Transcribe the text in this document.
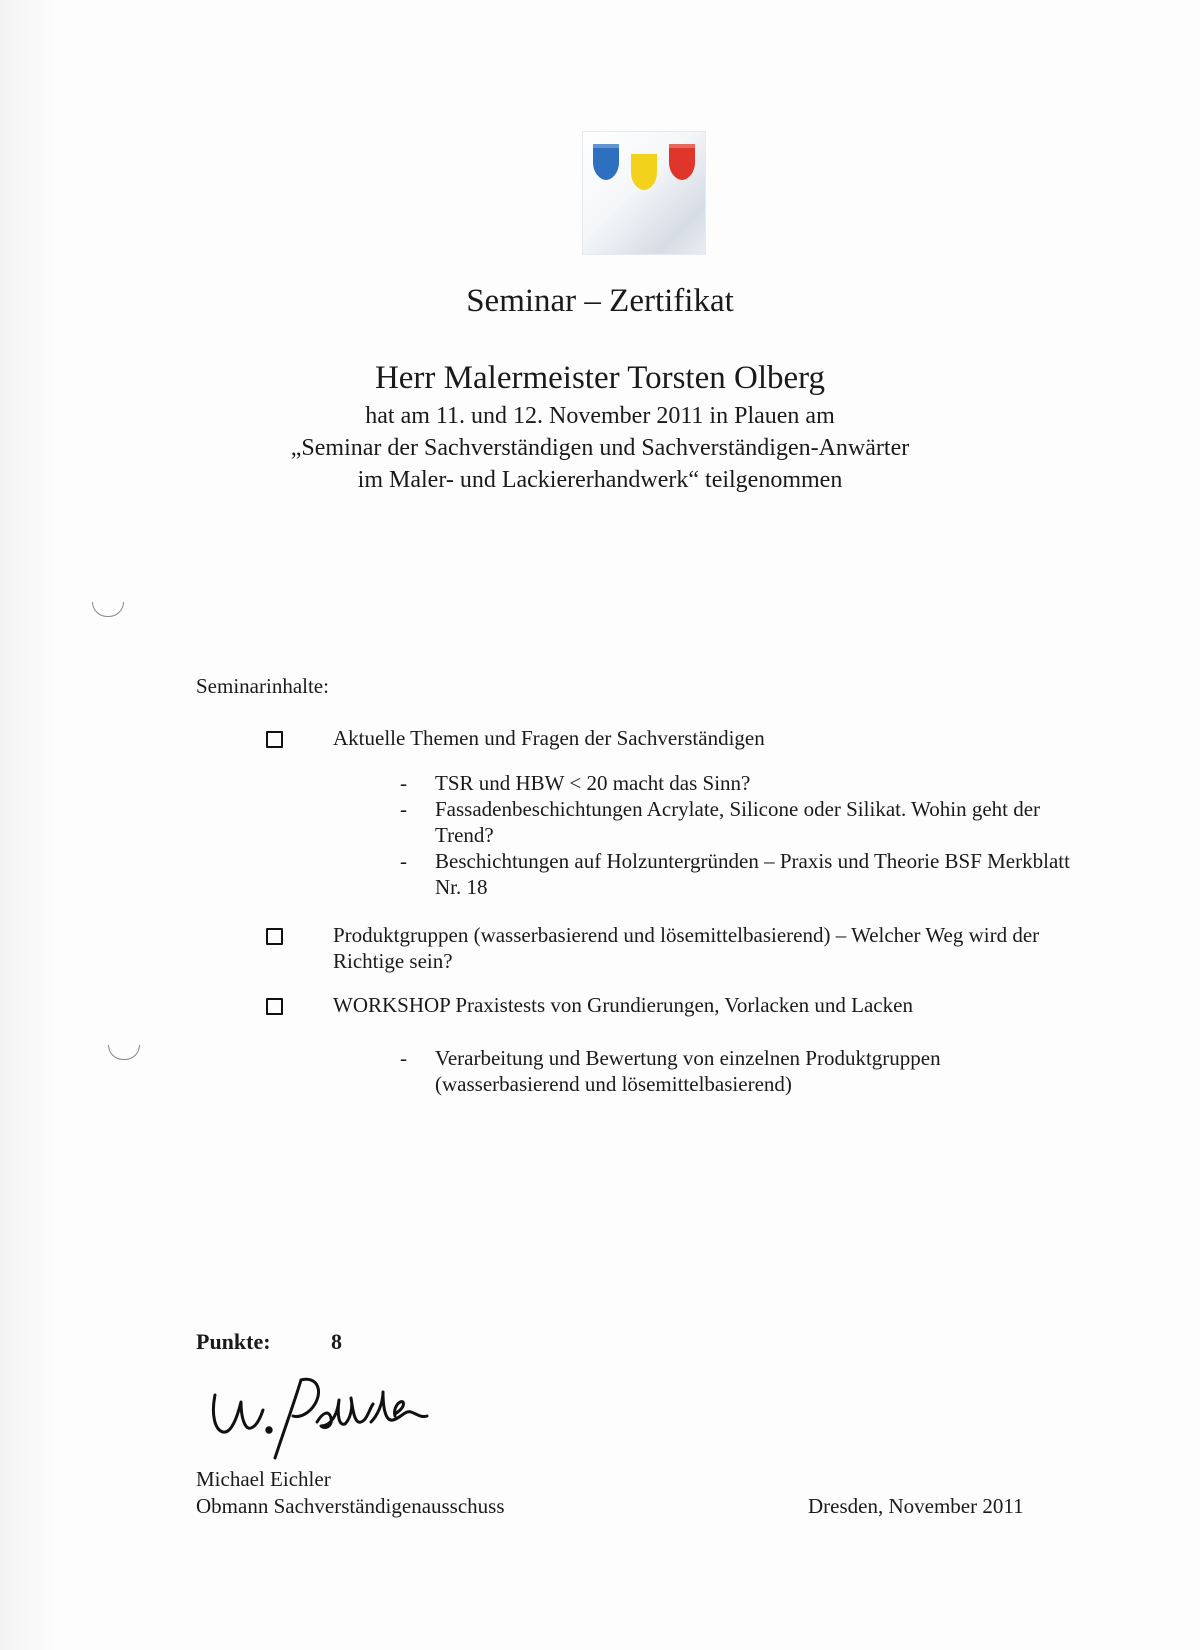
Seminar – Zertifikat
Herr Malermeister Torsten Olberg
hat am 11. und 12. November 2011 in Plauen am
„Seminar der Sachverständigen und Sachverständigen-Anwärter
im Maler- und Lackiererhandwerk“ teilgenommen
Seminarinhalte:
Aktuelle Themen und Fragen der Sachverständigen
- TSR und HBW < 20 macht das Sinn?
- Fassadenbeschichtungen Acrylate, Silicone oder Silikat. Wohin geht der Trend?
- Beschichtungen auf Holzuntergründen – Praxis und Theorie BSF Merkblatt Nr. 18
Produktgruppen (wasserbasierend und lösemittelbasierend) – Welcher Weg wird der Richtige sein?
WORKSHOP Praxistests von Grundierungen, Vorlacken und Lacken
- Verarbeitung und Bewertung von einzelnen Produktgruppen (wasserbasierend und lösemittelbasierend)
Punkte:	8
Michael Eichler
Obmann Sachverständigenausschuss	Dresden, November 2011
